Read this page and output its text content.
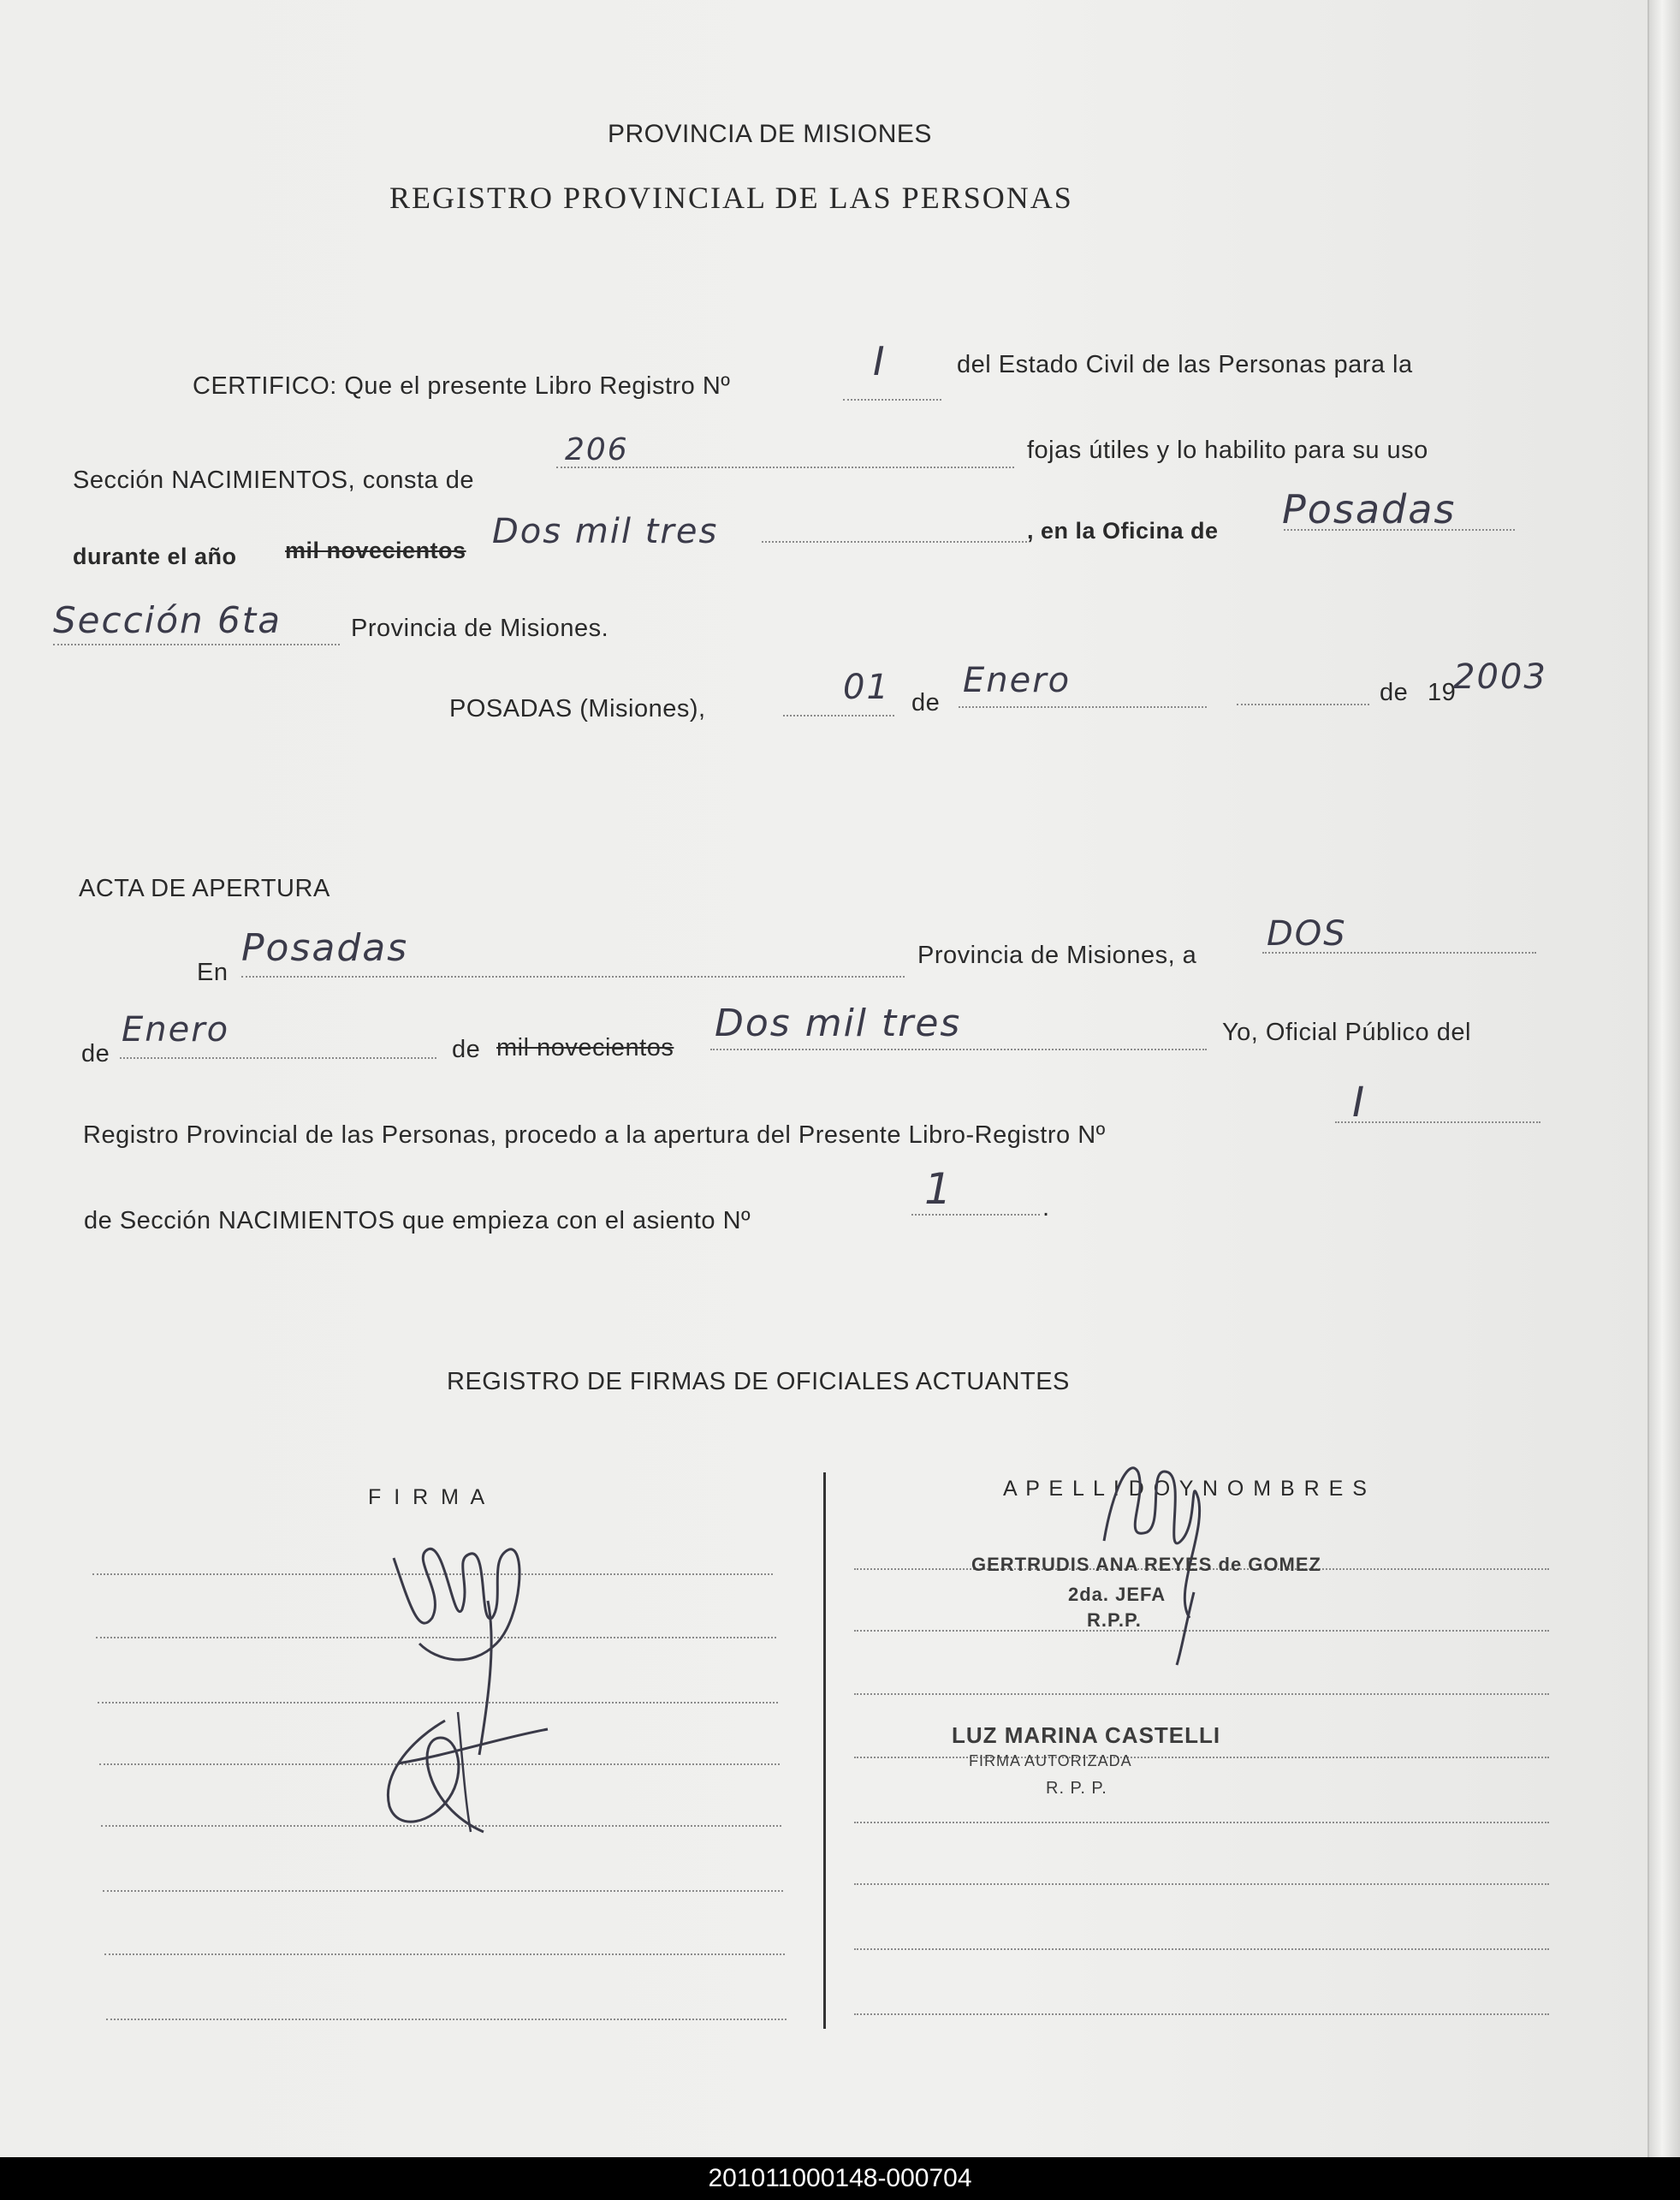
PROVINCIA DE MISIONES
REGISTRO PROVINCIAL DE LAS PERSONAS
CERTIFICO: Que el presente Libro Registro Nº
I	del Estado Civil de las Personas para la
Sección NACIMIENTOS, consta de
206	fojas útiles y lo habilito para su uso
durante el año mil novecientos Dos mil tres	, en la Oficina de Posadas
Sección 6ta	Provincia de Misiones.
POSADAS (Misiones),
01 de
Enero	de 19
2003
ACTA DE APERTURA
En
Posadas	Provincia de Misiones, a
DOS
de
Enero	de mil novecientos
Dos mil tres	Yo, Oficial Público del
Registro Provincial de las Personas, procedo a la apertura del Presente Libro-Registro Nº
I
de Sección NACIMIENTOS que empieza con el asiento Nº
1	.
REGISTRO DE FIRMAS DE OFICIALES ACTUANTES
F I R M A	A P E L L I D O Y N O M B R E S
GERTRUDIS ANA REYES de GOMEZ
2da. JEFA
R.P.P.
LUZ MARINA CASTELLI
FIRMA AUTORIZADA
R. P. P.
201011000148-000704
